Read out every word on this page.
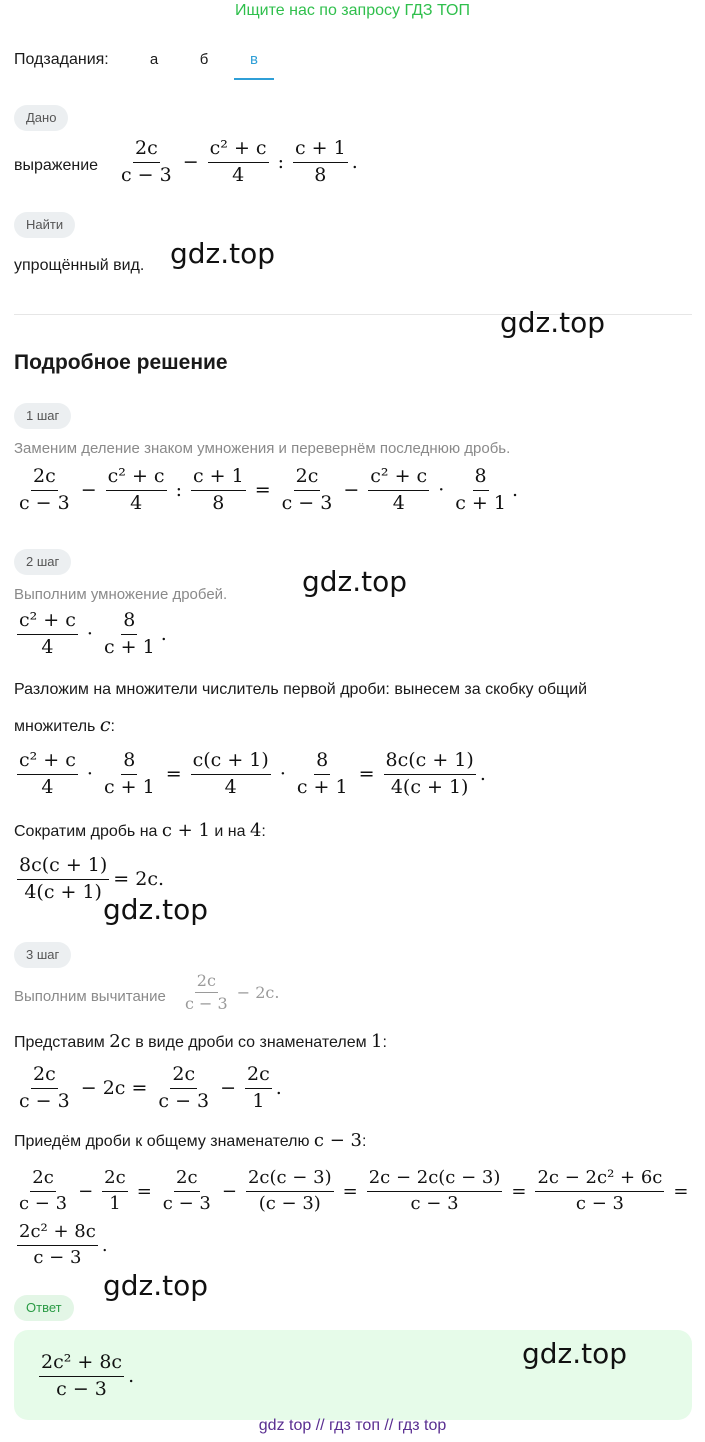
Ищите нас по запросу ГДЗ ТОП
Подзадания:	а	б	в
Дано
выражение $\frac{2c}{c - 3} - \frac{\text{c² + c}}{4}$ : $\frac{c + 1}{8}$ .
Найти
упрощённый вид. gdz.top
gdz.top
Подробное решение
1 шаг
Заменим деление знаком умножения и перевернём последнюю дробь.
$\frac{2c}{c - 3} - \frac{\text{c² + c}}{4}$ : $\frac{c + 1}{8} = \frac{2c}{c - 3} - \frac{\text{c² + c}}{4} \cdot \frac{8}{c + 1}$ .
2 шаг
Выполним умножение дробей.	gdz.top
$\frac{\text{c² + c}}{4} \cdot \frac{8}{c + 1}$ .
Разложим на множители числитель первой дроби: вынесем за скобку общий
множитель c:
$\frac{\text{c² + c}}{4} \cdot \frac{8}{c + 1} = \frac{c(c + 1)}{4} \cdot \frac{8}{c + 1} = \frac{8c(c + 1)}{4(c + 1)}$ .
Сократим дробь на c + 1 и на 4:
$\frac{8c(c + 1)}{4(c + 1)} = 2c$.
gdz.top
3 шаг
Выполним вычитание $\frac{2c}{c - 3} - 2c$.
Представим 2c в виде дроби со знаменателем 1:
$\frac{2c}{c - 3} - 2c = \frac{2c}{c - 3} - \frac{2c}{1}$ .
Приедём дроби к общему знаменателю c − 3:
$\frac{2c}{c - 3} - \frac{2c}{1} = \frac{2c}{c - 3} - \frac{2c(c - 3)}{(c - 3)} = \frac{2c - 2c(c - 3)}{c - 3} = \frac{\text{2c − 2c² + 6c}}{c - 3}$ =
$\frac{\text{2c² + 8c}}{c - 3}$ .
gdz.top
Ответ
$\frac{\text{2c² + 8c}}{c - 3}$ .
gdz.top
gdz top // гдз топ // гдз top
